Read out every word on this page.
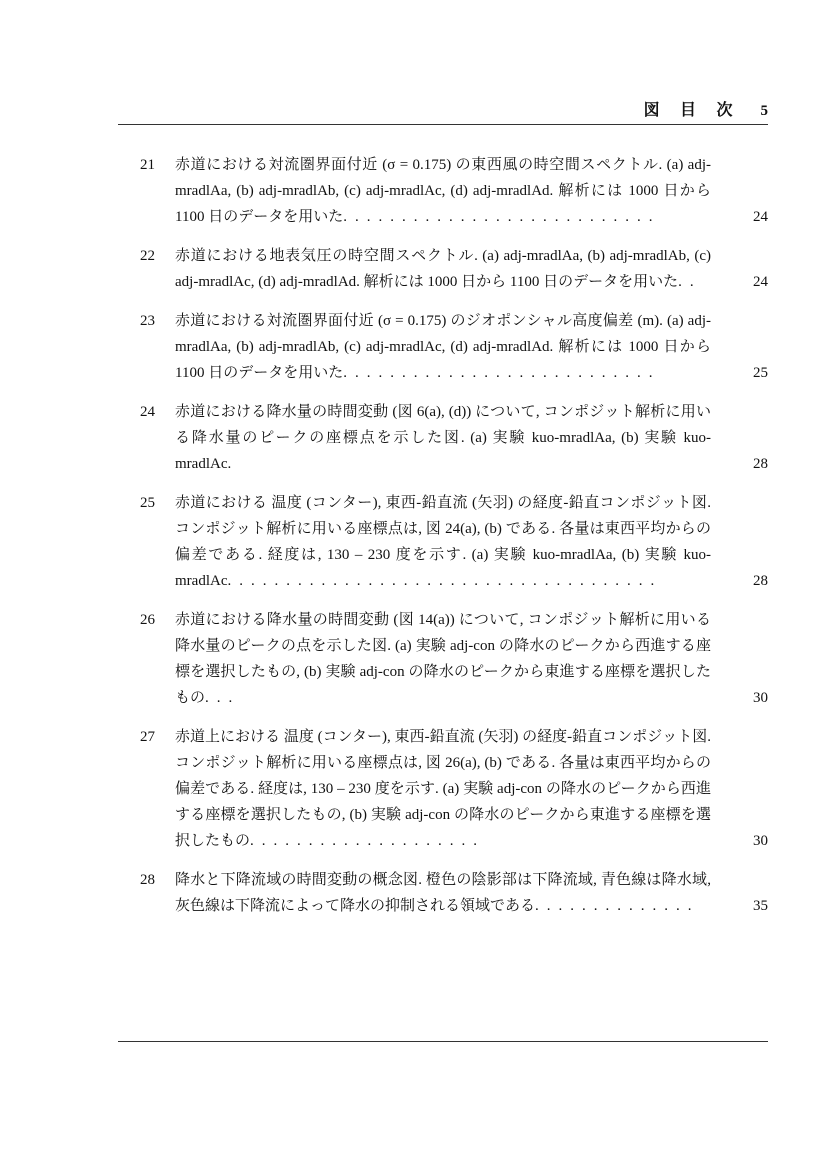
図 目 次 5
21	赤道における対流圏界面付近 (σ = 0.175) の東西風の時空間スペクトル. (a) adj-mradlAa, (b) adj-mradlAb, (c) adj-mradlAc, (d) adj-mradlAd. 解析には 1000 日から 1100 日のデータを用いた. ..........................	24
22	赤道における地表気圧の時空間スペクトル. (a) adj-mradlAa, (b) adj-mradlAb, (c) adj-mradlAc, (d) adj-mradlAd. 解析には 1000 日から 1100 日のデータを用いた. .	24
23	赤道における対流圏界面付近 (σ = 0.175) のジオポンシャル高度偏差 (m). (a) adj-mradlAa, (b) adj-mradlAb, (c) adj-mradlAc, (d) adj-mradlAd. 解析には 1000 日から 1100 日のデータを用いた. ..........................	25
24	赤道における降水量の時間変動 (図 6(a), (d)) について, コンポジット解析に用いる降水量のピークの座標点を示した図. (a) 実験 kuo-mradlAa, (b) 実験 kuo-mradlAc.	28
25	赤道における 温度 (コンター), 東西-鉛直流 (矢羽) の経度-鉛直コンポジット図. コンポジット解析に用いる座標点は, 図 24(a), (b) である. 各量は東西平均からの偏差である. 経度は, 130 – 230 度を示す. (a) 実験 kuo-mradlAa, (b) 実験 kuo-mradlAc. ....................................	28
26	赤道における降水量の時間変動 (図 14(a)) について, コンポジット解析に用いる降水量のピークの点を示した図. (a) 実験 adj-con の降水のピークから西進する座標を選択したもの, (b) 実験 adj-con の降水のピークから東進する座標を選択したもの. ..	30
27	赤道上における 温度 (コンター), 東西-鉛直流 (矢羽) の経度-鉛直コンポジット図. コンポジット解析に用いる座標点は, 図 26(a), (b) である. 各量は東西平均からの偏差である. 経度は, 130 – 230 度を示す. (a) 実験 adj-con の降水のピークから西進する座標を選択したもの, (b) 実験 adj-con の降水のピークから東進する座標を選択したもの. ...................	30
28	降水と下降流域の時間変動の概念図. 橙色の陰影部は下降流域, 青色線は降水域, 灰色線は下降流によって降水の抑制される領域である. .............	35
